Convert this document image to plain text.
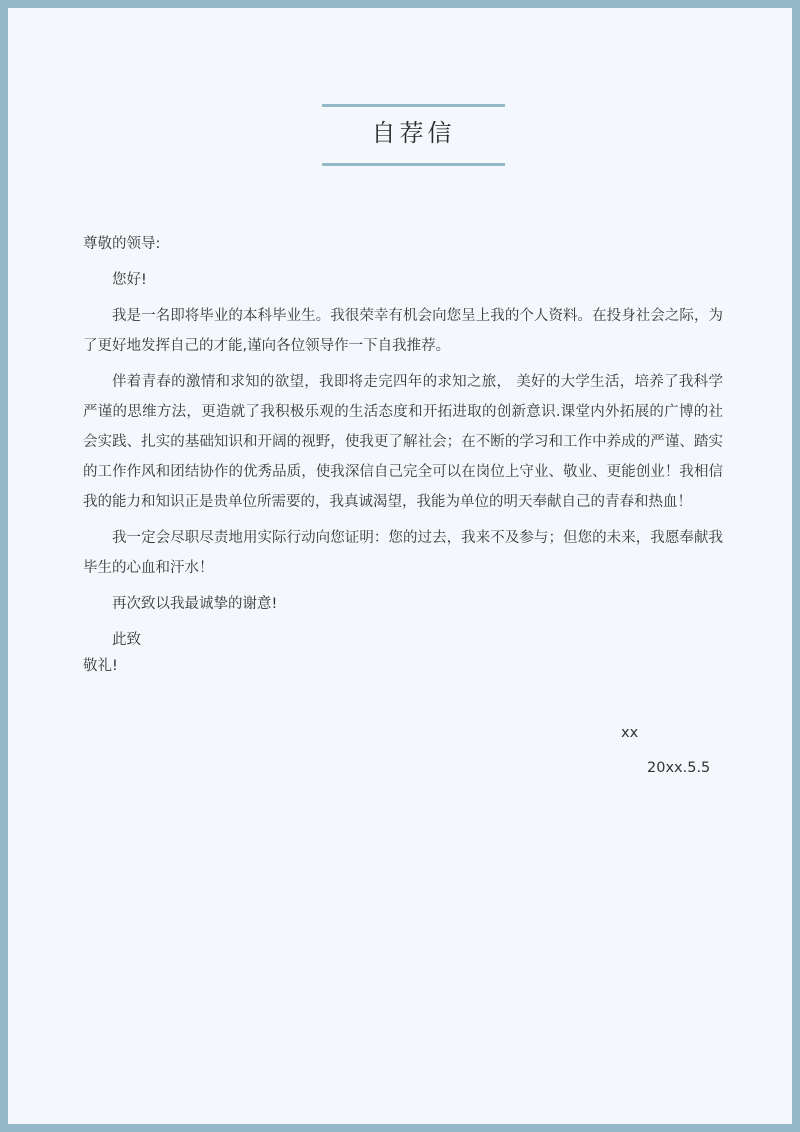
自荐信

尊敬的领导:

您好!

我是一名即将毕业的本科毕业生。我很荣幸有机会向您呈上我的个人资料。在投身社会之际，为了更好地发挥自己的才能,谨向各位领导作一下自我推荐。

伴着青春的激情和求知的欲望，我即将走完四年的求知之旅， 美好的大学生活，培养了我科学严谨的思维方法，更造就了我积极乐观的生活态度和开拓进取的创新意识.课堂内外拓展的广博的社会实践、扎实的基础知识和开阔的视野，使我更了解社会；在不断的学习和工作中养成的严谨、踏实的工作作风和团结协作的优秀品质，使我深信自己完全可以在岗位上守业、敬业、更能创业！我相信我的能力和知识正是贵单位所需要的，我真诚渴望，我能为单位的明天奉献自己的青春和热血！

我一定会尽职尽责地用实际行动向您证明：您的过去，我来不及参与；但您的未来，我愿奉献我毕生的心血和汗水！

再次致以我最诚挚的谢意!

此致

敬礼!

xx
20xx.5.5
